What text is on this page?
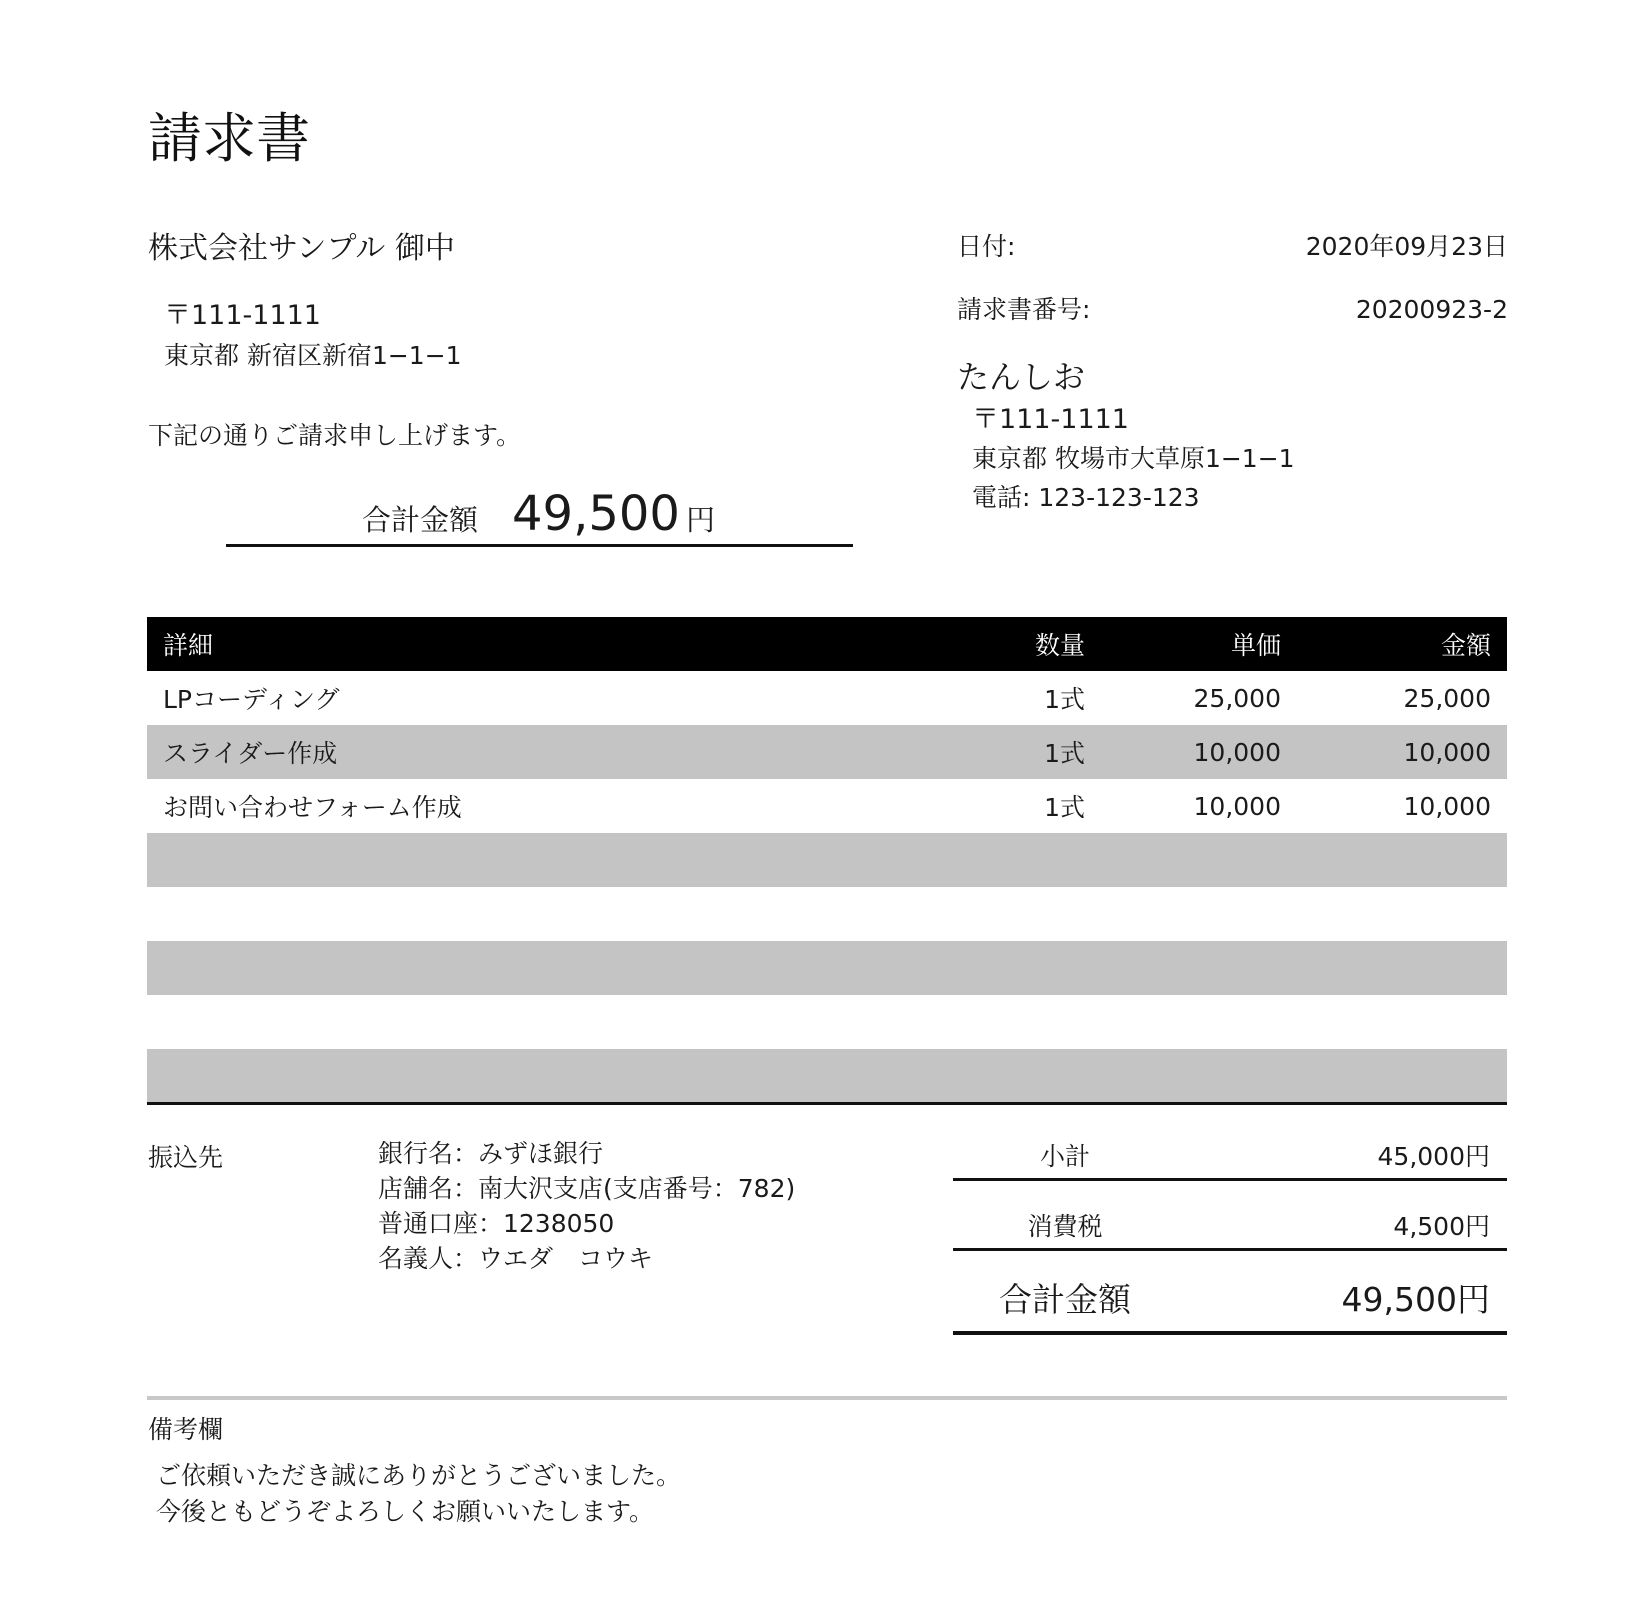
請求書
株式会社サンプル 御中
〒111-1111
東京都 新宿区新宿1−1−1
下記の通りご請求申し上げます。
合計金額 49,500 円
日付:	2020年09月23日
請求書番号:	20200923-2
たんしお
〒111-1111
東京都 牧場市大草原1−1−1
電話: 123-123-123
詳細	数量	単価	金額
LPコーディング	1式	25,000	25,000
スライダー作成	1式	10,000	10,000
お問い合わせフォーム作成	1式	10,000	10,000

振込先	銀行名：みずほ銀行
店舗名：南大沢支店(支店番号：782)
普通口座：1238050
名義人：ウエダ　コウキ
小計	45,000円
消費税	4,500円
合計金額	49,500円
備考欄
ご依頼いただき誠にありがとうございました。
今後ともどうぞよろしくお願いいたします。
